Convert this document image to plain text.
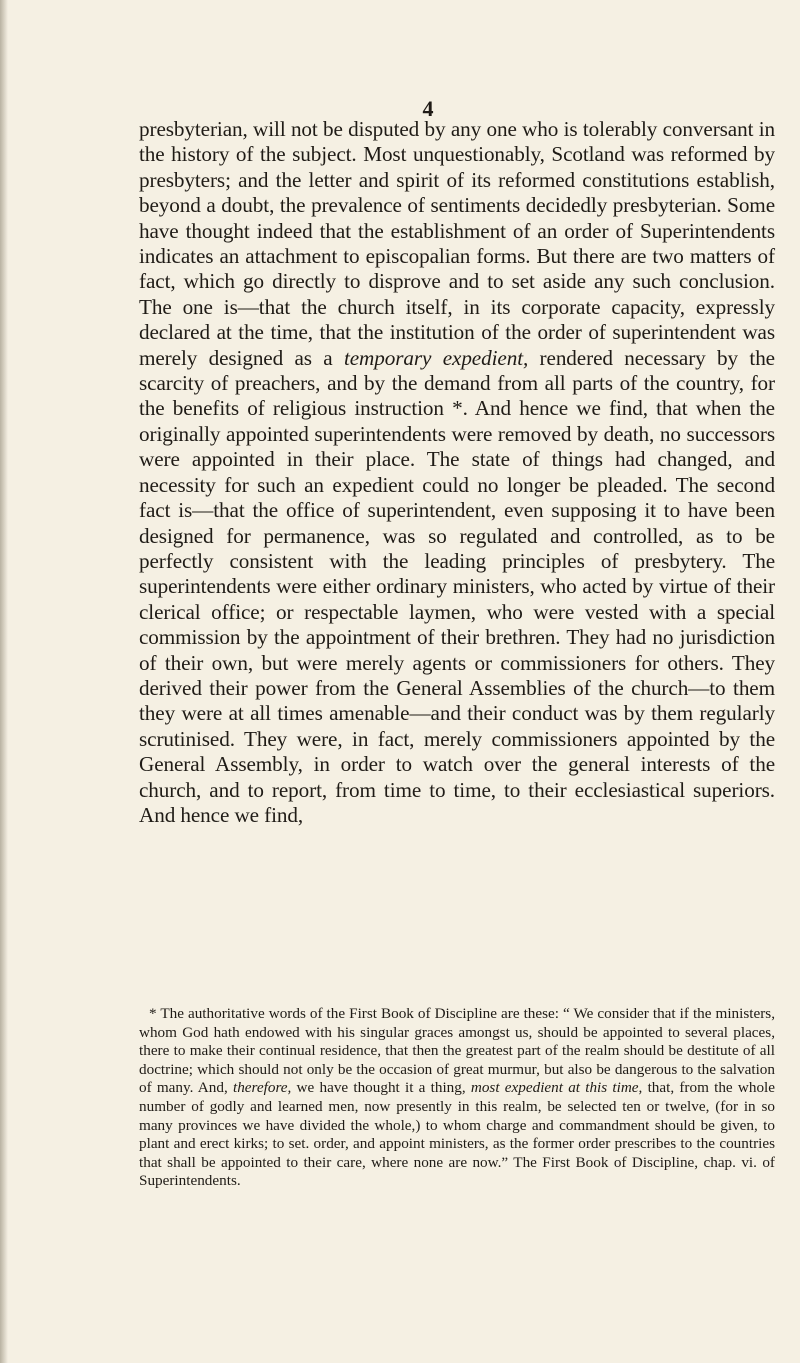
4

presbyterian, will not be disputed by any one who is tolerably conversant in the history of the subject. Most unquestionably, Scotland was reformed by presbyters; and the letter and spirit of its reformed constitutions establish, beyond a doubt, the prevalence of sentiments decidedly presbyterian. Some have thought indeed that the establishment of an order of Superintendents indicates an attachment to episcopalian forms. But there are two matters of fact, which go directly to disprove and to set aside any such conclusion. The one is—that the church itself, in its corporate capacity, expressly declared at the time, that the institution of the order of superintendent was merely designed as a temporary expedient, rendered necessary by the scarcity of preachers, and by the demand from all parts of the country, for the benefits of religious instruction *. And hence we find, that when the originally appointed superintendents were removed by death, no successors were appointed in their place. The state of things had changed, and necessity for such an expedient could no longer be pleaded. The second fact is—that the office of superintendent, even supposing it to have been designed for permanence, was so regulated and controlled, as to be perfectly consistent with the leading principles of presbytery. The superintendents were either ordinary ministers, who acted by virtue of their clerical office; or respectable laymen, who were vested with a special commission by the appointment of their brethren. They had no jurisdiction of their own, but were merely agents or commissioners for others. They derived their power from the General Assemblies of the church—to them they were at all times amenable—and their conduct was by them regularly scrutinised. They were, in fact, merely commissioners appointed by the General Assembly, in order to watch over the general interests of the church, and to report, from time to time, to their ecclesiastical superiors. And hence we find,

* The authoritative words of the First Book of Discipline are these: “ We consider that if the ministers, whom God hath endowed with his singular graces amongst us, should be appointed to several places, there to make their continual residence, that then the greatest part of the realm should be destitute of all doctrine; which should not only be the occasion of great murmur, but also be dangerous to the salvation of many. And, therefore, we have thought it a thing, most expedient at this time, that, from the whole number of godly and learned men, now presently in this realm, be selected ten or twelve, (for in so many provinces we have divided the whole,) to whom charge and commandment should be given, to plant and erect kirks; to set. order, and appoint ministers, as the former order prescribes to the countries that shall be appointed to their care, where none are now.” The First Book of Discipline, chap. vi. of Superintendents.
